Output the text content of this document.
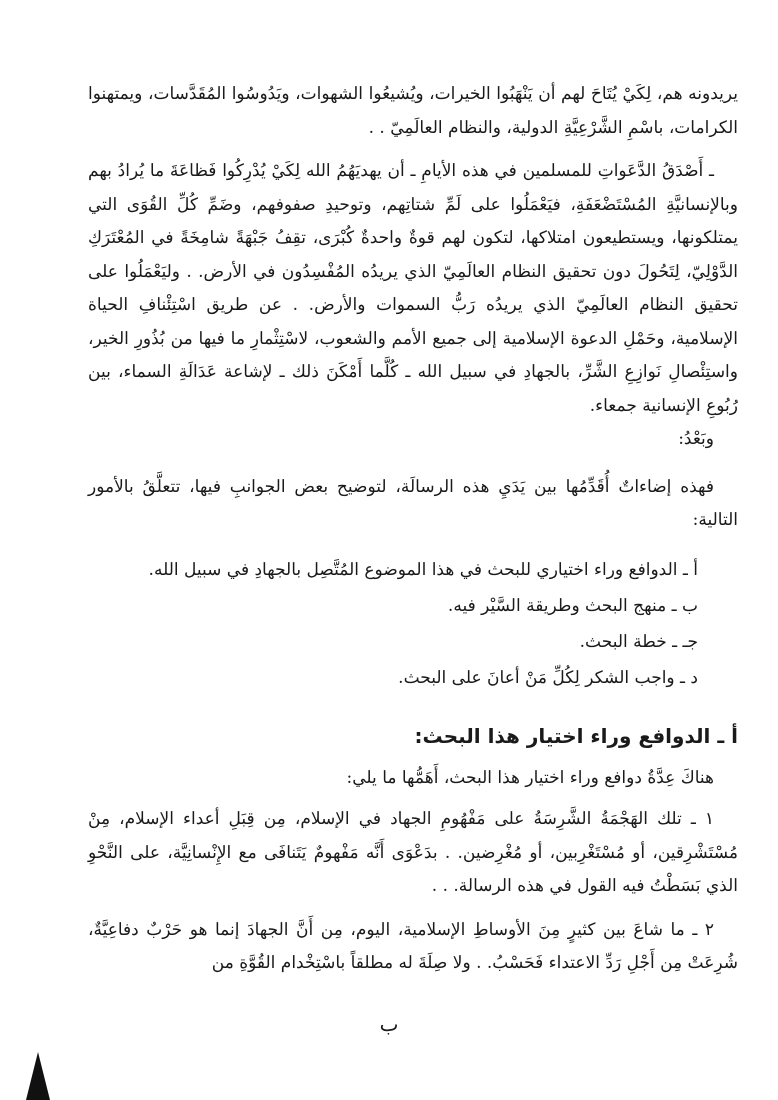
يريدونه هم، لِكَيْ يُتَاحَ لهم أن يَنْهَبُوا الخيرات، ويُشيعُوا الشهوات، ويَدُوسُوا المُقَدَّسات، ويمتهنوا الكرامات، باسْمِ الشَّرْعِيَّةِ الدولية، والنظام العالَمِيّ . .

ـ أَصْدَقُ الدَّعَواتِ للمسلمين في هذه الأيامِ ـ أن يهديَهُمُ الله لِكَيْ يُدْرِكُوا فَظاعَةَ ما يُرادُ بهم وبالإنسانيَّةِ المُسْتَضْعَفَةِ، فيَعْمَلُوا على لَمِّ شتاتِهم، وتوحيدِ صفوفهم، وضَمِّ كُلِّ القُوَى التي يمتلكونها، ويستطيعون امتلاكها، لتكون لهم قوةٌ واحدةٌ كُبْرَى، تقِفُ جَبْهَةً شامِخَةً في المُعْتَرَكِ الدَّوْلِيّ، لِتَحُولَ دون تحقيق النظام العالَمِيّ الذي يريدُه المُفْسِدُون في الأرض. . وليَعْمَلُوا على تحقيق النظام العالَمِيّ الذي يريدُه رَبُّ السموات والأرض. . عن طريق اسْتِئْنافِ الحياة الإسلامية، وحَمْلِ الدعوة الإسلامية إلى جميع الأمم والشعوب، لاسْتِثْمارِ ما فيها من بُذُورِ الخير، واستِئْصالِ نَوازِعِ الشَّرِّ، بالجهادِ في سبيل الله ـ كُلَّما أَمْكَنَ ذلك ـ لإشاعة عَدَالَةِ السماء، بين رُبُوعِ الإنسانية جمعاء.

وبَعْدُ:

فهذه إضاءاتٌ أُقَدِّمُها بين يَدَيِ هذه الرسالَة، لتوضيح بعض الجوانبِ فيها، تتعلَّقُ بالأمور التالية:

أ ـ الدوافع وراء اختياري للبحث في هذا الموضوع المُتَّصِل بالجهادِ في سبيل الله.

ب ـ منهج البحث وطريقة السَّيْر فيه.

جـ ـ خطة البحث.

د ـ واجب الشكر لِكُلِّ مَنْ أعانَ على البحث.

أ ـ الدوافع وراء اختيار هذا البحث:

هناكَ عِدَّةُ دوافع وراء اختيار هذا البحث، أَهَمُّها ما يلي:

١ ـ تلك الهَجْمَةُ الشَّرِسَةُ على مَفْهُومِ الجهاد في الإسلام، مِن قِبَلِ أعداء الإسلام، مِنْ مُسْتَشْرِقين، أو مُسْتَغْرِبين، أو مُغْرِضين. . بدَعْوَى أَنَّه مَفْهومٌ يَتَنافَى مع الإِنْسانِيَّة، على النَّحْوِ الذي بَسَطْتُ فيه القول في هذه الرسالة. . .

٢ ـ ما شاعَ بين كثيرٍ مِنَ الأوساطِ الإسلامية، اليوم، مِن أَنَّ الجهادَ إنما هو حَرْبٌ دفاعِيَّةٌ، شُرِعَتْ مِن أَجْلِ رَدِّ الاعتداء فَحَسْبُ. . ولا صِلَةَ له مطلقاً باسْتِخْدام القُوَّةِ من

ب
